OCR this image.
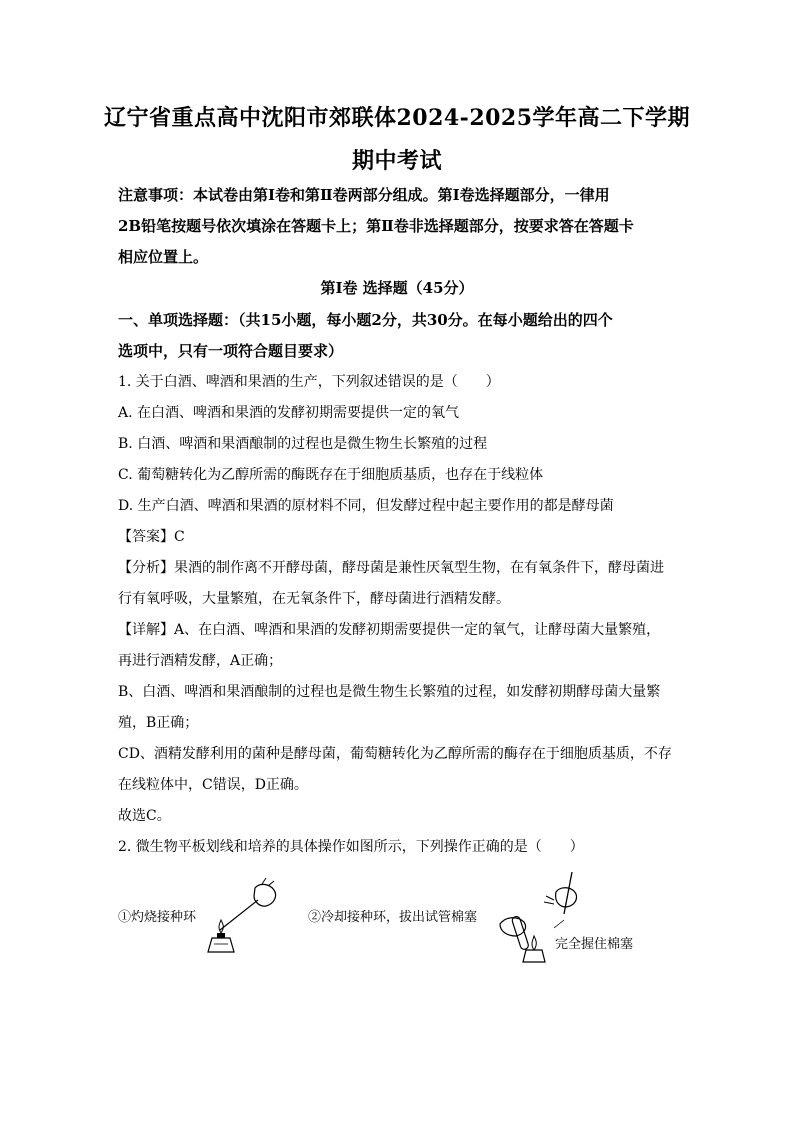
辽宁省重点高中沈阳市郊联体2024-2025学年高二下学期
期中考试
注意事项：本试卷由第Ⅰ卷和第Ⅱ卷两部分组成。第Ⅰ卷选择题部分，一律用
2B铅笔按题号依次填涂在答题卡上；第Ⅱ卷非选择题部分，按要求答在答题卡
相应位置上。
第Ⅰ卷 选择题（45分）
一、单项选择题：（共15小题，每小题2分，共30分。在每小题给出的四个
选项中，只有一项符合题目要求）
1. 关于白酒、啤酒和果酒的生产，下列叙述错误的是（　　）
A. 在白酒、啤酒和果酒的发酵初期需要提供一定的氧气
B. 白酒、啤酒和果酒酿制的过程也是微生物生长繁殖的过程
C. 葡萄糖转化为乙醇所需的酶既存在于细胞质基质，也存在于线粒体
D. 生产白酒、啤酒和果酒的原材料不同，但发酵过程中起主要作用的都是酵母菌
【答案】C
【分析】果酒的制作离不开酵母菌，酵母菌是兼性厌氧型生物，在有氧条件下，酵母菌进
行有氧呼吸，大量繁殖，在无氧条件下，酵母菌进行酒精发酵。
【详解】A、在白酒、啤酒和果酒的发酵初期需要提供一定的氧气，让酵母菌大量繁殖，
再进行酒精发酵，A正确；
B、白酒、啤酒和果酒酿制的过程也是微生物生长繁殖的过程，如发酵初期酵母菌大量繁
殖，B正确；
CD、酒精发酵利用的菌种是酵母菌，葡萄糖转化为乙醇所需的酶存在于细胞质基质，不存
在线粒体中，C错误，D正确。
故选C。
2. 微生物平板划线和培养的具体操作如图所示，下列操作正确的是（　　）
①灼烧接种环	②冷却接种环，拔出试管棉塞
完全握住棉塞
